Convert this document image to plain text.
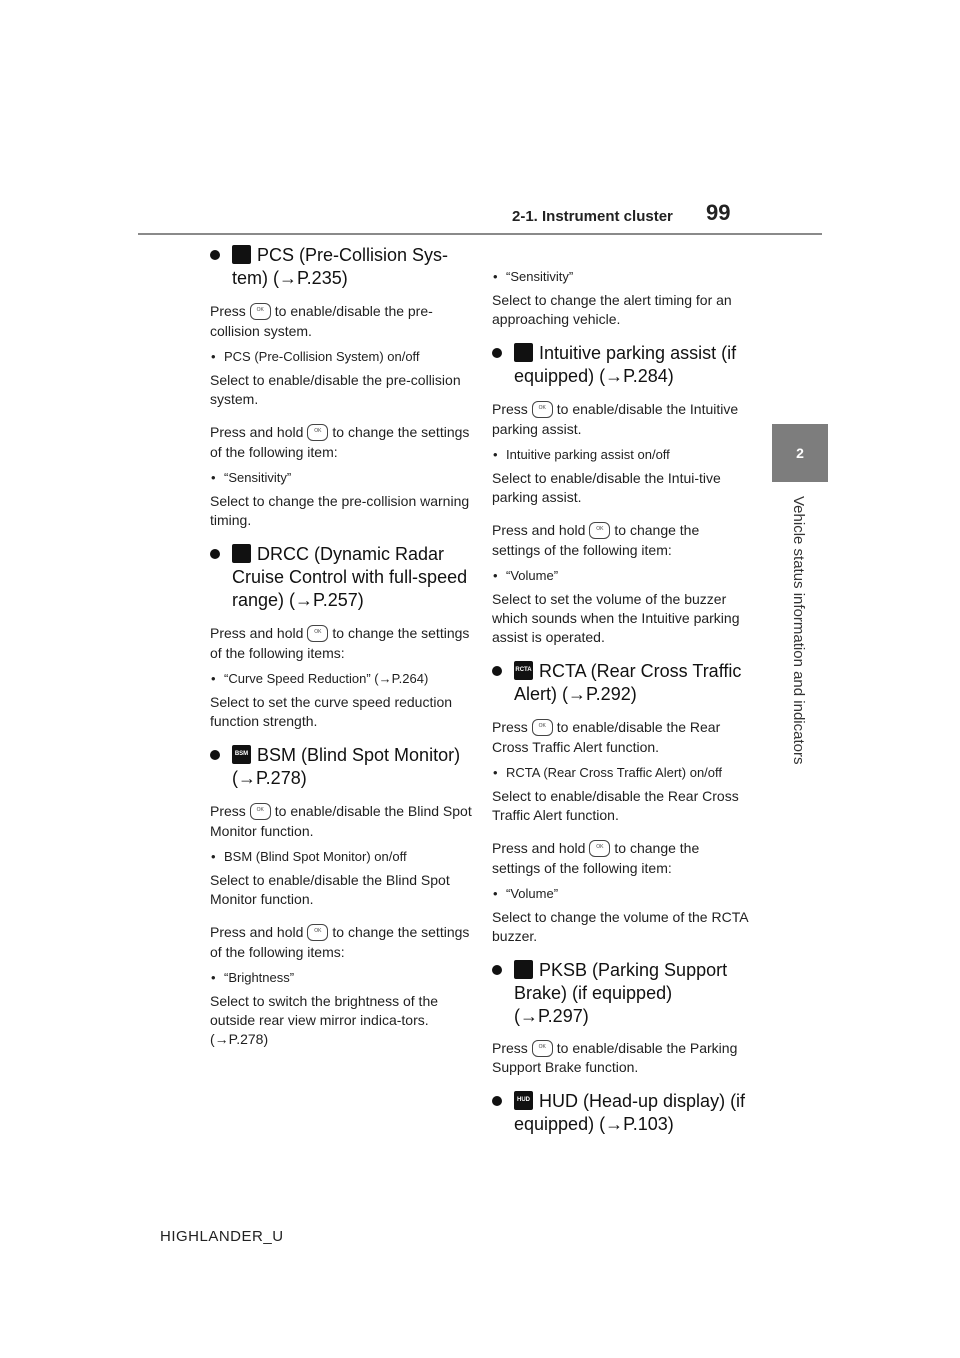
2-1. Instrument cluster 99
2
Vehicle status information and indicators
PCS (Pre-Collision Sys-tem) (→P.235)
Press OK to enable/disable the pre-collision system.
• PCS (Pre-Collision System) on/off
Select to enable/disable the pre-collision system.
Press and hold OK to change the settings of the following item:
• “Sensitivity”
Select to change the pre-collision warning timing.
DRCC (Dynamic Radar Cruise Control with full-speed range) (→P.257)
Press and hold OK to change the settings of the following items:
• “Curve Speed Reduction” (→P.264)
Select to set the curve speed reduction function strength.
BSM BSM (Blind Spot Monitor) (→P.278)
Press OK to enable/disable the Blind Spot Monitor function.
• BSM (Blind Spot Monitor) on/off
Select to enable/disable the Blind Spot Monitor function.
Press and hold OK to change the settings of the following items:
• “Brightness”
Select to switch the brightness of the outside rear view mirror indica-tors. (→P.278)
• “Sensitivity”
Select to change the alert timing for an approaching vehicle.
Intuitive parking assist (if equipped) (→P.284)
Press OK to enable/disable the Intuitive parking assist.
• Intuitive parking assist on/off
Select to enable/disable the Intui-tive parking assist.
Press and hold OK to change the settings of the following item:
• “Volume”
Select to set the volume of the buzzer which sounds when the Intuitive parking assist is operated.
RCTA RCTA (Rear Cross Traffic Alert) (→P.292)
Press OK to enable/disable the Rear Cross Traffic Alert function.
• RCTA (Rear Cross Traffic Alert) on/off
Select to enable/disable the Rear Cross Traffic Alert function.
Press and hold OK to change the settings of the following item:
• “Volume”
Select to change the volume of the RCTA buzzer.
PKSB (Parking Support Brake) (if equipped) (→P.297)
Press OK to enable/disable the Parking Support Brake function.
HUD HUD (Head-up display) (if equipped) (→P.103)
HIGHLANDER_U
